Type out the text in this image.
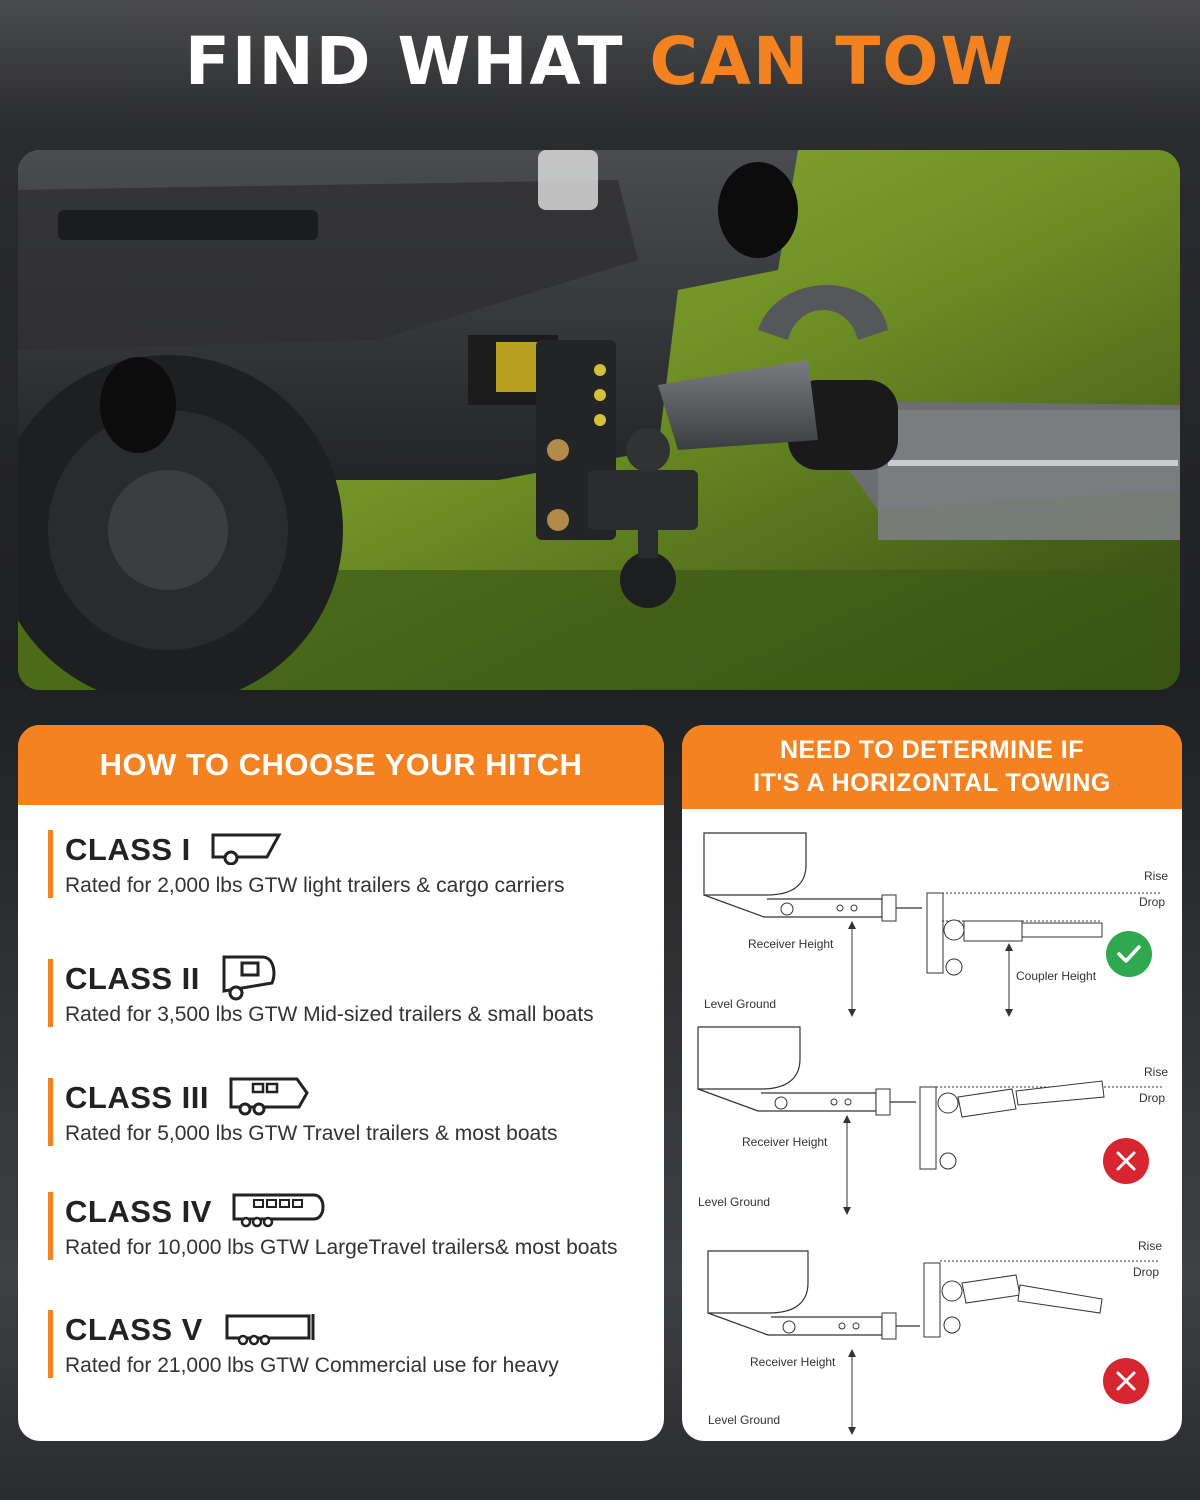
FIND WHAT CAN TOW
HOW TO CHOOSE YOUR HITCH
CLASS I
Rated for 2,000 lbs GTW light trailers & cargo carriers
CLASS II
Rated for 3,500 lbs GTW Mid-sized trailers & small boats
CLASS III
Rated for 5,000 lbs GTW Travel trailers & most boats
CLASS IV
Rated for 10,000 lbs GTW LargeTravel trailers& most boats
CLASS V
Rated for 21,000 lbs GTW Commercial use for heavy
NEED TO DETERMINE IF
IT'S A HORIZONTAL TOWING
Rise
Drop
Receiver Height
Coupler Height
Level Ground
Rise
Drop
Receiver Height
Level Ground
Rise
Drop
Receiver Height
Level Ground
